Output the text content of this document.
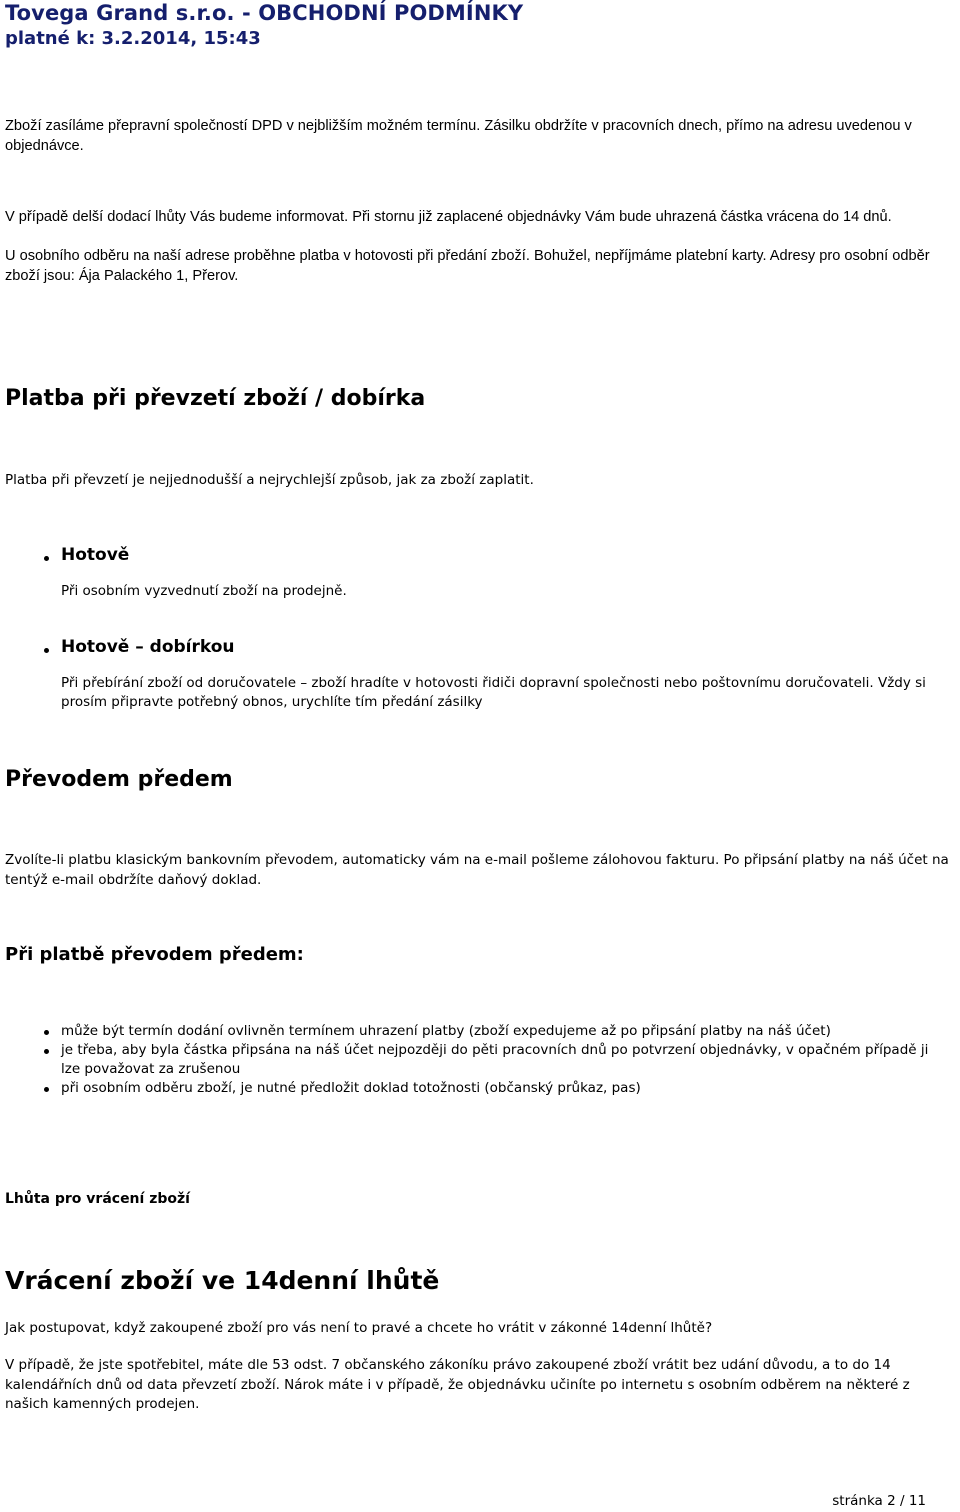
Tovega Grand s.r.o. - OBCHODNÍ PODMÍNKY
platné k: 3.2.2014, 15:43
Zboží zasíláme přepravní společností DPD v nejbližším možném termínu. Zásilku obdržíte v pracovních dnech, přímo na adresu uvedenou v objednávce.
V případě delší dodací lhůty Vás budeme informovat. Při stornu již zaplacené objednávky Vám bude uhrazená částka vrácena do 14 dnů.
U osobního odběru na naší adrese proběhne platba v hotovosti při předání zboží. Bohužel, nepříjmáme platební karty. Adresy pro osobní odběr zboží jsou: Ája Palackého 1, Přerov.
Platba při převzetí zboží / dobírka
Platba při převzetí je nejjednodušší a nejrychlejší způsob, jak za zboží zaplatit.
Hotově
Při osobním vyzvednutí zboží na prodejně.
Hotově – dobírkou
Při přebírání zboží od doručovatele – zboží hradíte v hotovosti řidiči dopravní společnosti nebo poštovnímu doručovateli. Vždy si prosím připravte potřebný obnos, urychlíte tím předání zásilky
Převodem předem
Zvolíte-li platbu klasickým bankovním převodem, automaticky vám na e-mail pošleme zálohovou fakturu. Po připsání platby na náš účet na tentýž e-mail obdržíte daňový doklad.
Při platbě převodem předem:
může být termín dodání ovlivněn termínem uhrazení platby (zboží expedujeme až po připsání platby na náš účet)
je třeba, aby byla částka připsána na náš účet nejpozději do pěti pracovních dnů po potvrzení objednávky, v opačném případě ji lze považovat za zrušenou
při osobním odběru zboží, je nutné předložit doklad totožnosti (občanský průkaz, pas)
Lhůta pro vrácení zboží
Vrácení zboží ve 14denní lhůtě
Jak postupovat, když zakoupené zboží pro vás není to pravé a chcete ho vrátit v zákonné 14denní lhůtě?
V případě, že jste spotřebitel, máte dle 53 odst. 7 občanského zákoníku právo zakoupené zboží vrátit bez udání důvodu, a to do 14 kalendářních dnů od data převzetí zboží. Nárok máte i v případě, že objednávku učiníte po internetu s osobním odběrem na některé z našich kamenných prodejen.
stránka 2 / 11
